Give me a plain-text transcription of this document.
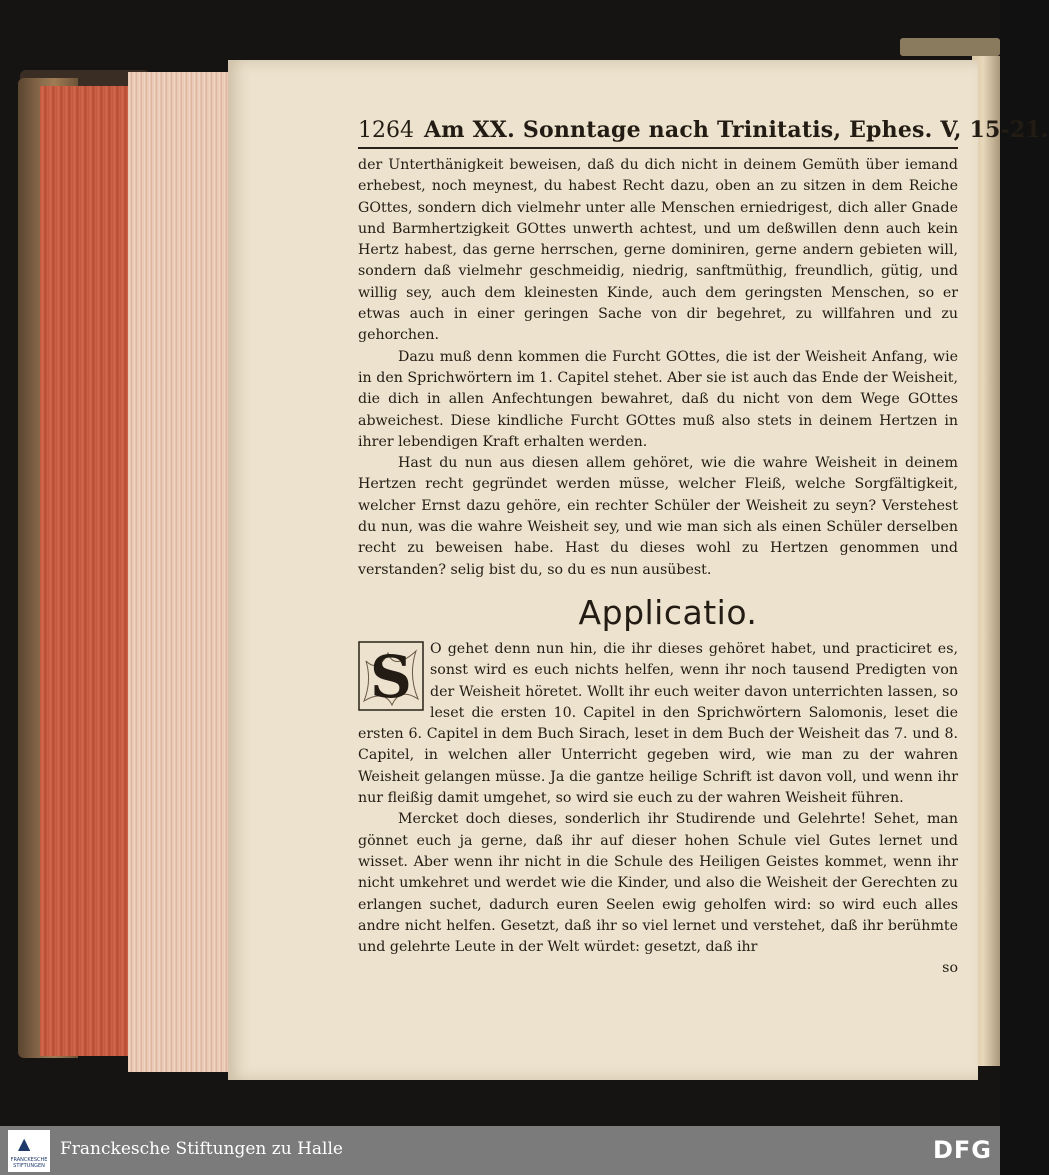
1264 Am XX. Sonntage nach Trinitatis, Ephes. V, 15-21.

der Unterthänigkeit beweisen, daß du dich nicht in deinem Gemüth über iemand erhebest, noch meynest, du habest Recht dazu, oben an zu sitzen in dem Reiche GOttes, sondern dich vielmehr unter alle Menschen erniedrigest, dich aller Gnade und Barmhertzigkeit GOttes unwerth achtest, und um deßwillen denn auch kein Hertz habest, das gerne herrschen, gerne dominiren, gerne andern gebieten will, sondern daß vielmehr geschmeidig, niedrig, sanftmüthig, freundlich, gütig, und willig sey, auch dem kleinesten Kinde, auch dem geringsten Menschen, so er etwas auch in einer geringen Sache von dir begehret, zu willfahren und zu gehorchen.

Dazu muß denn kommen die Furcht GOttes, die ist der Weisheit Anfang, wie in den Sprichwörtern im 1. Capitel stehet. Aber sie ist auch das Ende der Weisheit, die dich in allen Anfechtungen bewahret, daß du nicht von dem Wege GOttes abweichest. Diese kindliche Furcht GOttes muß also stets in deinem Hertzen in ihrer lebendigen Kraft erhalten werden.

Hast du nun aus diesen allem gehöret, wie die wahre Weisheit in deinem Hertzen recht gegründet werden müsse, welcher Fleiß, welche Sorgfältigkeit, welcher Ernst dazu gehöre, ein rechter Schüler der Weisheit zu seyn? Verstehest du nun, was die wahre Weisheit sey, und wie man sich als einen Schüler derselben recht zu beweisen habe. Hast du dieses wohl zu Hertzen genommen und verstanden? selig bist du, so du es nun ausübest.

Applicatio.

S O gehet denn nun hin, die ihr dieses gehöret habet, und practiciret es, sonst wird es euch nichts helfen, wenn ihr noch tausend Predigten von der Weisheit höretet. Wollt ihr euch weiter davon unterrichten lassen, so leset die ersten 10. Capitel in den Sprichwörtern Salomonis, leset die ersten 6. Capitel in dem Buch Sirach, leset in dem Buch der Weisheit das 7. und 8. Capitel, in welchen aller Unterricht gegeben wird, wie man zu der wahren Weisheit gelangen müsse. Ja die gantze heilige Schrift ist davon voll, und wenn ihr nur fleißig damit umgehet, so wird sie euch zu der wahren Weisheit führen.

Mercket doch dieses, sonderlich ihr Studirende und Gelehrte! Sehet, man gönnet euch ja gerne, daß ihr auf dieser hohen Schule viel Gutes lernet und wisset. Aber wenn ihr nicht in die Schule des Heiligen Geistes kommet, wenn ihr nicht umkehret und werdet wie die Kinder, und also die Weisheit der Gerechten zu erlangen suchet, dadurch euren Seelen ewig geholfen wird: so wird euch alles andre nicht helfen. Gesetzt, daß ihr so viel lernet und verstehet, daß ihr berühmte und gelehrte Leute in der Welt würdet: gesetzt, daß ihr

so
▲
FRANCKESCHE STIFTUNGEN
Franckesche Stiftungen zu Halle	DFG
